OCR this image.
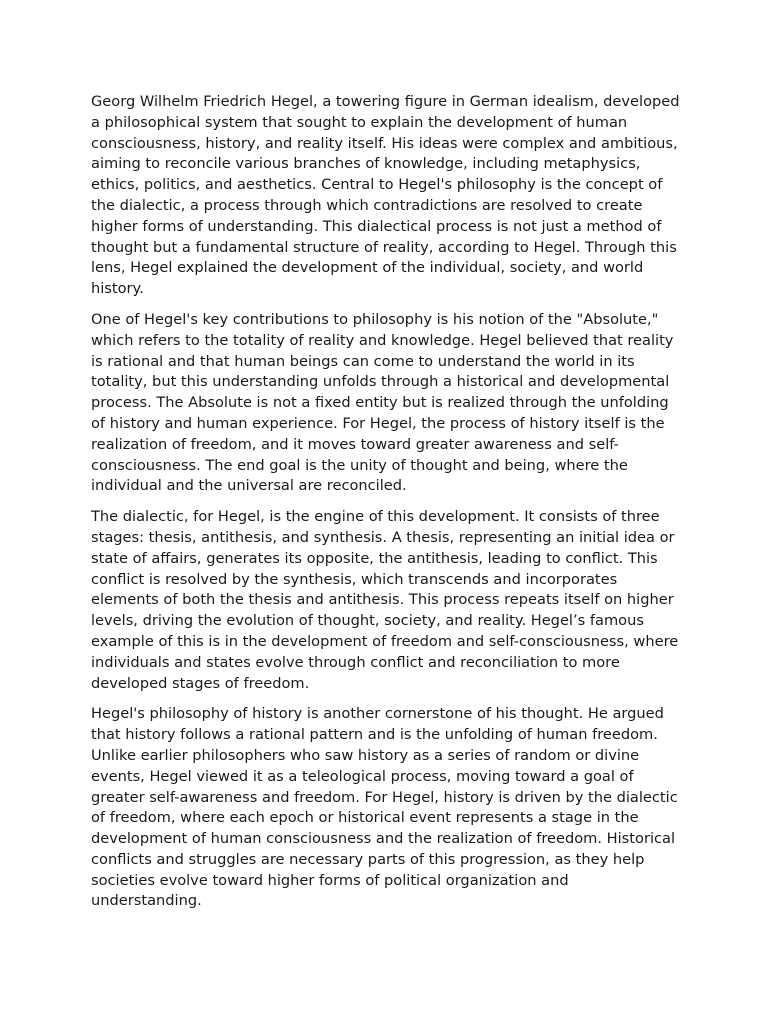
Georg Wilhelm Friedrich Hegel, a towering figure in German idealism, developed a philosophical system that sought to explain the development of human consciousness, history, and reality itself. His ideas were complex and ambitious, aiming to reconcile various branches of knowledge, including metaphysics, ethics, politics, and aesthetics. Central to Hegel's philosophy is the concept of the dialectic, a process through which contradictions are resolved to create higher forms of understanding. This dialectical process is not just a method of thought but a fundamental structure of reality, according to Hegel. Through this lens, Hegel explained the development of the individual, society, and world history.

One of Hegel's key contributions to philosophy is his notion of the "Absolute," which refers to the totality of reality and knowledge. Hegel believed that reality is rational and that human beings can come to understand the world in its totality, but this understanding unfolds through a historical and developmental process. The Absolute is not a fixed entity but is realized through the unfolding of history and human experience. For Hegel, the process of history itself is the realization of freedom, and it moves toward greater awareness and self-consciousness. The end goal is the unity of thought and being, where the individual and the universal are reconciled.

The dialectic, for Hegel, is the engine of this development. It consists of three stages: thesis, antithesis, and synthesis. A thesis, representing an initial idea or state of affairs, generates its opposite, the antithesis, leading to conflict. This conflict is resolved by the synthesis, which transcends and incorporates elements of both the thesis and antithesis. This process repeats itself on higher levels, driving the evolution of thought, society, and reality. Hegel’s famous example of this is in the development of freedom and self-consciousness, where individuals and states evolve through conflict and reconciliation to more developed stages of freedom.

Hegel's philosophy of history is another cornerstone of his thought. He argued that history follows a rational pattern and is the unfolding of human freedom. Unlike earlier philosophers who saw history as a series of random or divine events, Hegel viewed it as a teleological process, moving toward a goal of greater self-awareness and freedom. For Hegel, history is driven by the dialectic of freedom, where each epoch or historical event represents a stage in the development of human consciousness and the realization of freedom. Historical conflicts and struggles are necessary parts of this progression, as they help societies evolve toward higher forms of political organization and understanding.
